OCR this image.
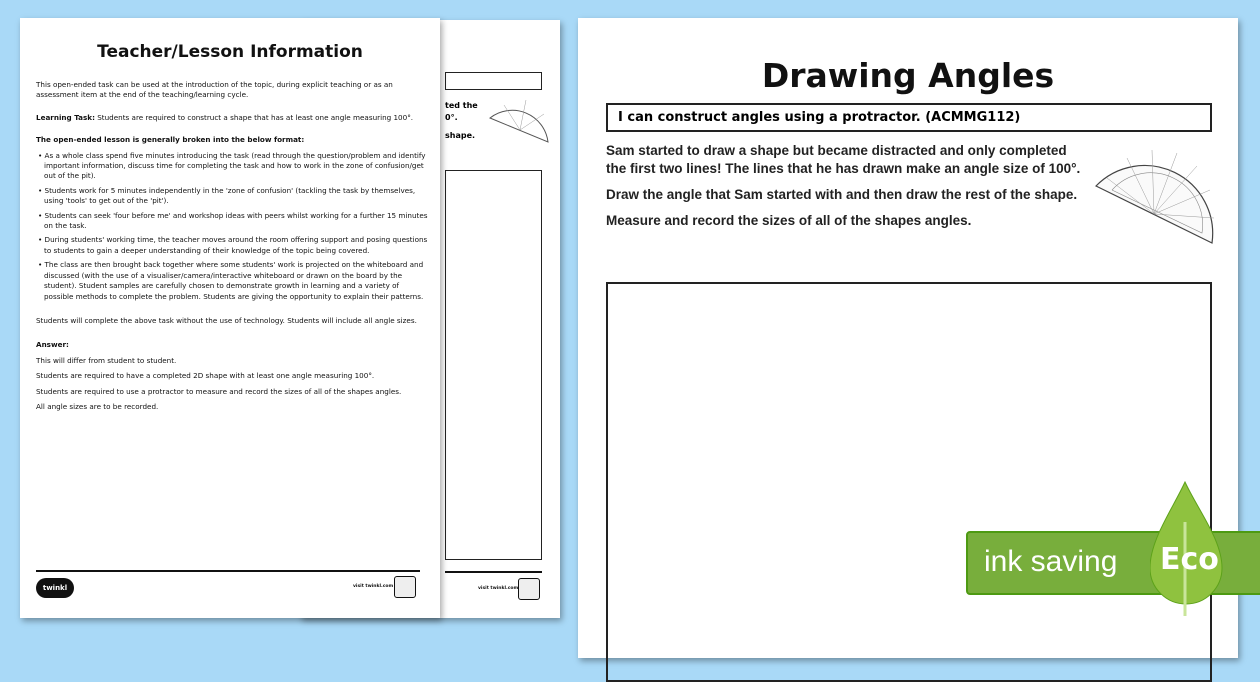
ted the
0°.
shape.
visit twinkl.com
Teacher/Lesson Information

This open-ended task can be used at the introduction of the topic, during explicit teaching or as an assessment item at the end of the teaching/learning cycle.

Learning Task: Students are required to construct a shape that has at least one angle measuring 100°.

The open-ended lesson is generally broken into the below format:

• As a whole class spend five minutes introducing the task (read through the question/problem and identify important information, discuss time for completing the task and how to work in the zone of confusion/get out of the pit).
• Students work for 5 minutes independently in the 'zone of confusion' (tackling the task by themselves, using 'tools' to get out of the 'pit').
• Students can seek 'four before me' and workshop ideas with peers whilst working for a further 15 minutes on the task.
• During students' working time, the teacher moves around the room offering support and posing questions to students to gain a deeper understanding of their knowledge of the topic being covered.
• The class are then brought back together where some students' work is projected on the whiteboard and discussed (with the use of a visualiser/camera/interactive whiteboard or drawn on the board by the student). Student samples are carefully chosen to demonstrate growth in learning and a variety of possible methods to complete the problem. Students are giving the opportunity to explain their patterns.

Students will complete the above task without the use of technology. Students will include all angle sizes.

Answer:

This will differ from student to student.

Students are required to have a completed 2D shape with at least one angle measuring 100°.

Students are required to use a protractor to measure and record the sizes of all of the shapes angles.

All angle sizes are to be recorded.

twinkl	visit twinkl.com
Drawing Angles
I can construct angles using a protractor. (ACMMG112)

Sam started to draw a shape but became distracted and only completed the first two lines! The lines that he has drawn make an angle size of 100°.

Draw the angle that Sam started with and then draw the rest of the shape.

Measure and record the sizes of all of the shapes angles.

ink saving Eco
